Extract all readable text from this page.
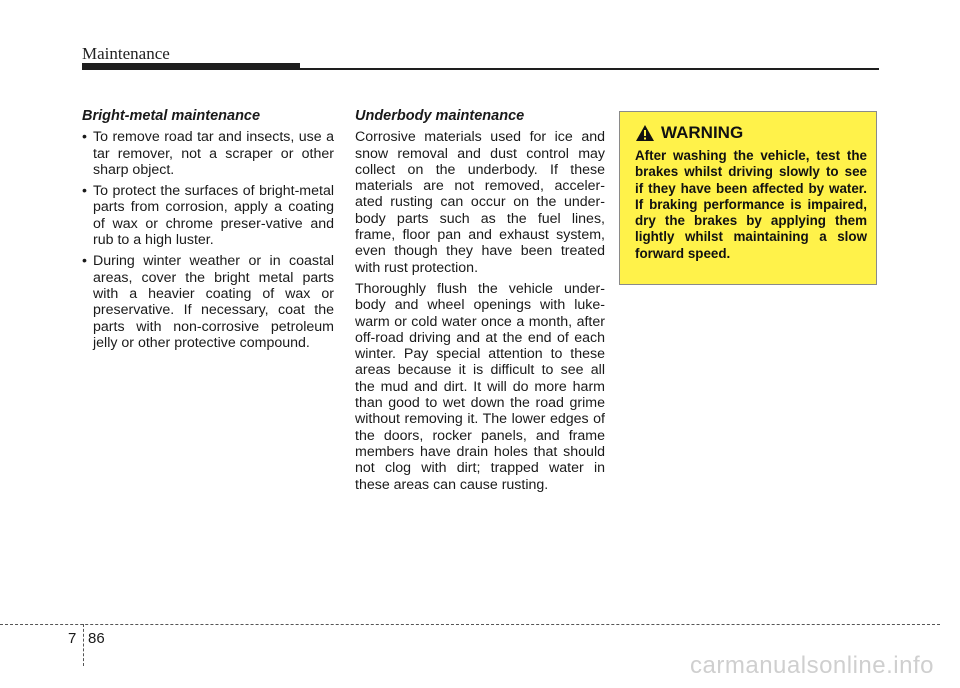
Maintenance
Bright-metal maintenance
• To remove road tar and insects, use a tar remover, not a scraper or other sharp object.
• To protect the surfaces of bright-metal parts from corrosion, apply a coating of wax or chrome preser-vative and rub to a high luster.
• During winter weather or in coastal areas, cover the bright metal parts with a heavier coating of wax or preservative. If necessary, coat the parts with non-corrosive petroleum jelly or other protective compound.
Underbody maintenance

Corrosive materials used for ice and snow removal and dust control may collect on the underbody. If these materials are not removed, acceler-ated rusting can occur on the under-body parts such as the fuel lines, frame, floor pan and exhaust system, even though they have been treated with rust protection.

Thoroughly flush the vehicle under-body and wheel openings with luke-warm or cold water once a month, after off-road driving and at the end of each winter. Pay special attention to these areas because it is difficult to see all the mud and dirt. It will do more harm than good to wet down the road grime without removing it. The lower edges of the doors, rocker panels, and frame members have drain holes that should not clog with dirt; trapped water in these areas can cause rusting.

WARNING

After washing the vehicle, test the brakes whilst driving slowly to see if they have been affected by water. If braking performance is impaired, dry the brakes by applying them lightly whilst maintaining a slow forward speed.

7 86
carmanualsonline.info
